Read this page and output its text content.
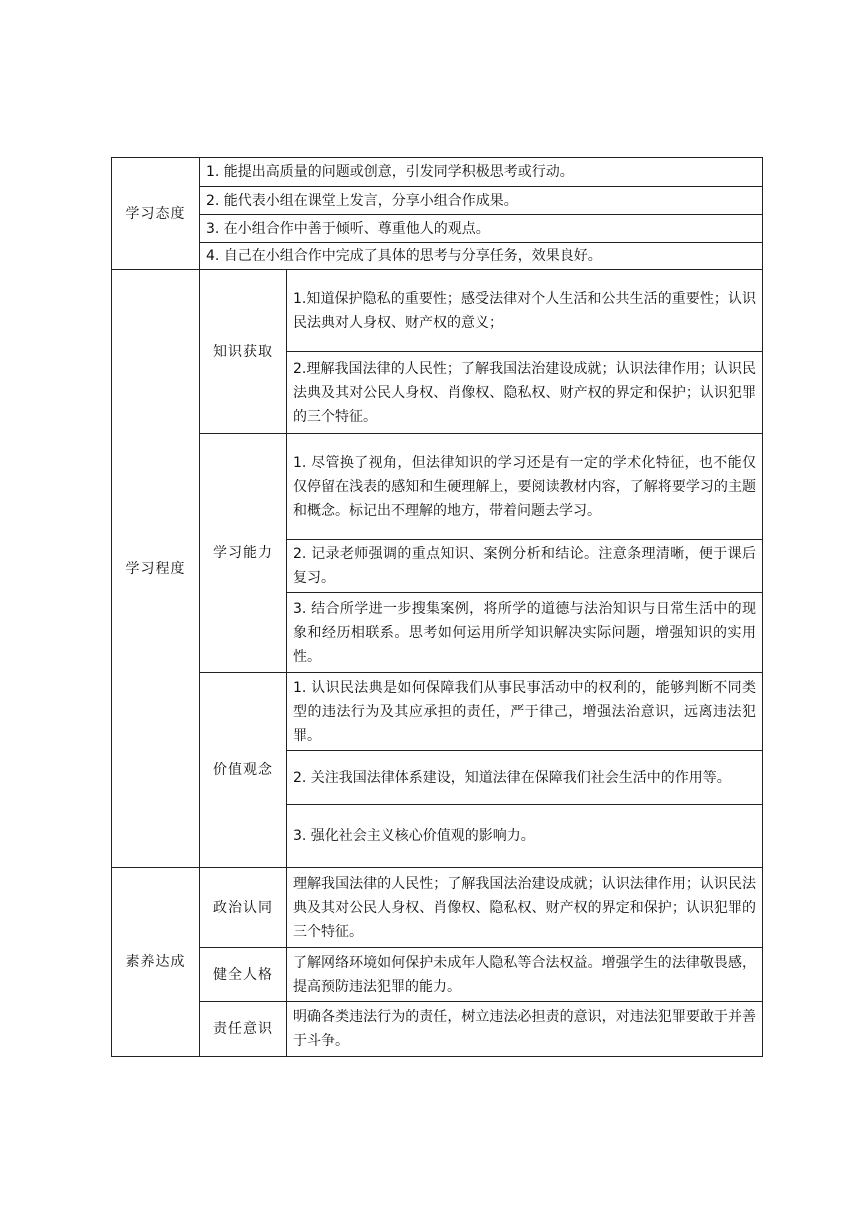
学习态度	1. 能提出高质量的问题或创意，引发同学积极思考或行动。	
	2. 能代表小组在课堂上发言，分享小组合作成果。	
	3. 在小组合作中善于倾听、尊重他人的观点。	
	4. 自己在小组合作中完成了具体的思考与分享任务，效果良好。	
学习程度	知识获取	1.知道保护隐私的重要性；感受法律对个人生活和公共生活的重要性；认识民法典对人身权、财产权的意义；
		2.理解我国法律的人民性；了解我国法治建设成就；认识法律作用；认识民法典及其对公民人身权、肖像权、隐私权、财产权的界定和保护；认识犯罪的三个特征。
	学习能力	1. 尽管换了视角，但法律知识的学习还是有一定的学术化特征，也不能仅仅停留在浅表的感知和生硬理解上，要阅读教材内容，了解将要学习的主题和概念。标记出不理解的地方，带着问题去学习。
		2. 记录老师强调的重点知识、案例分析和结论。注意条理清晰，便于课后复习。
		3. 结合所学进一步搜集案例，将所学的道德与法治知识与日常生活中的现象和经历相联系。思考如何运用所学知识解决实际问题，增强知识的实用性。
	价值观念	1. 认识民法典是如何保障我们从事民事活动中的权利的，能够判断不同类型的违法行为及其应承担的责任，严于律己，增强法治意识，远离违法犯罪。
		2. 关注我国法律体系建设，知道法律在保障我们社会生活中的作用等。
		3. 强化社会主义核心价值观的影响力。
素养达成	政治认同	理解我国法律的人民性；了解我国法治建设成就；认识法律作用；认识民法典及其对公民人身权、肖像权、隐私权、财产权的界定和保护；认识犯罪的三个特征。
	健全人格	了解网络环境如何保护未成年人隐私等合法权益。增强学生的法律敬畏感，提高预防违法犯罪的能力。
	责任意识	明确各类违法行为的责任，树立违法必担责的意识，对违法犯罪要敢于并善于斗争。
